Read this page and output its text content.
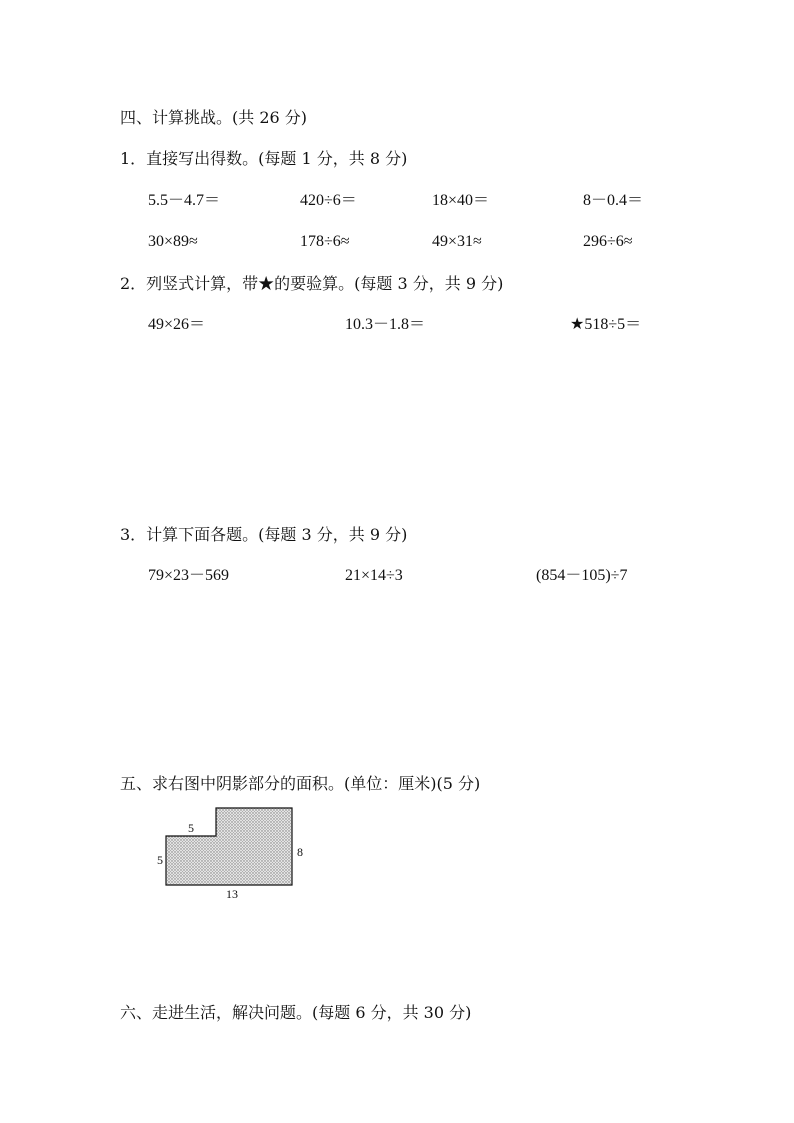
四、计算挑战。(共 26 分)
1．直接写出得数。(每题 1 分，共 8 分)
5.5－4.7＝	420÷6＝	18×40＝	8－0.4＝
30×89≈	178÷6≈	49×31≈	296÷6≈
2．列竖式计算，带★的要验算。(每题 3 分，共 9 分)
49×26＝	10.3－1.8＝	★518÷5＝
3．计算下面各题。(每题 3 分，共 9 分)
79×23－569	21×14÷3	(854－105)÷7
五、求右图中阴影部分的面积。(单位：厘米)(5 分)
5
5
8
13
六、走进生活，解决问题。(每题 6 分，共 30 分)
